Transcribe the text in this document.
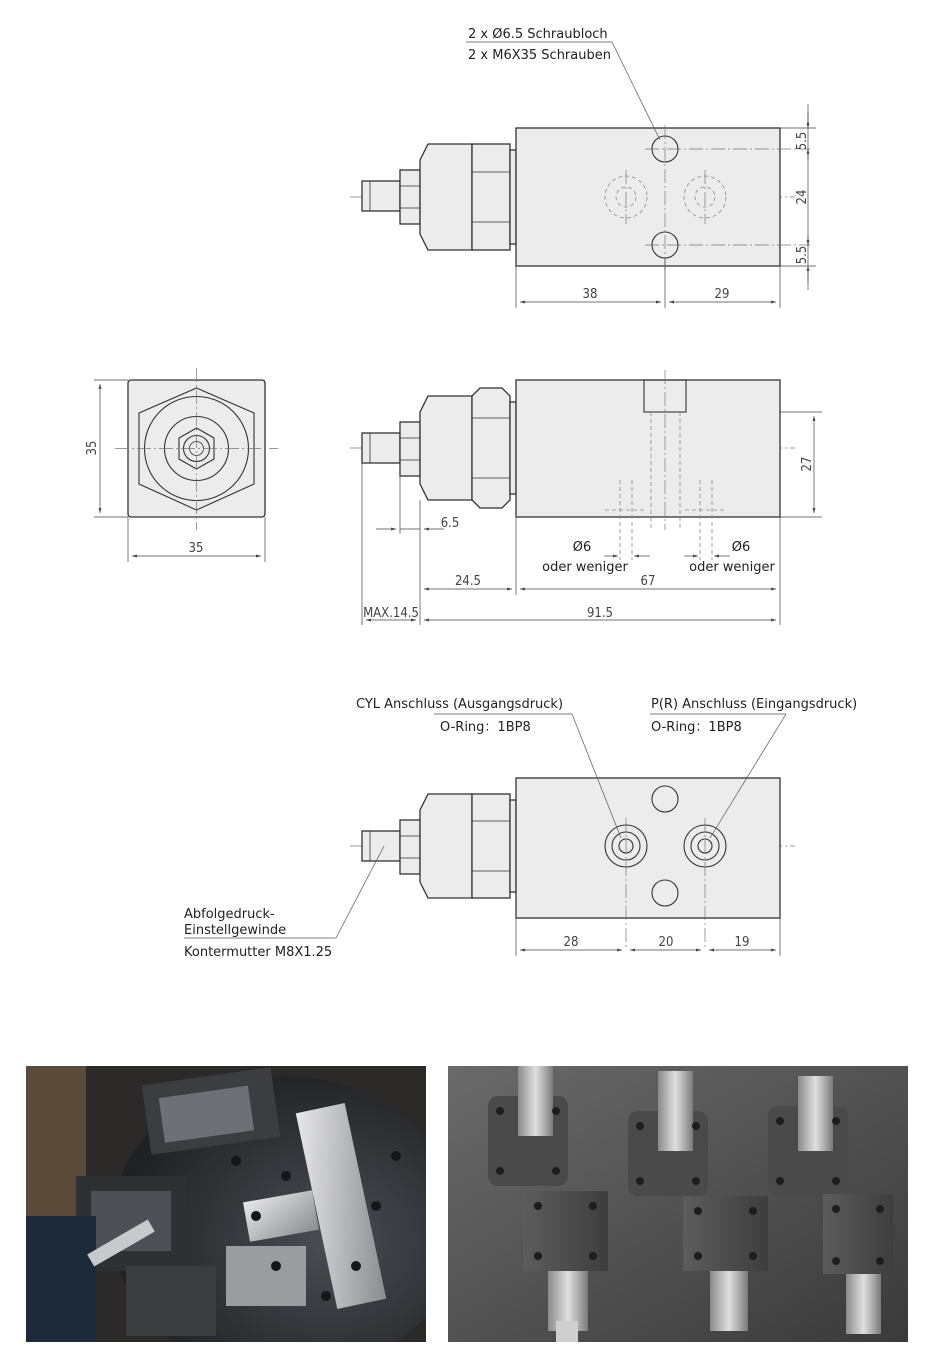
2 x Ø6.5 Schraubloch
2 x M6X35 Schrauben
5.5
24
5.5
38	29
35
35	Ø6
oder weniger
Ø6
oder weniger
27
6.5
24.5	67
MAX.14.5	91.5
CYL Anschluss (Ausgangsdruck)
O-Ring：1BP8
P(R) Anschluss (Eingangsdruck)
O-Ring：1BP8
Abfolgedruck-
Einstellgewinde
Kontermutter M8X1.25
28	20	19
